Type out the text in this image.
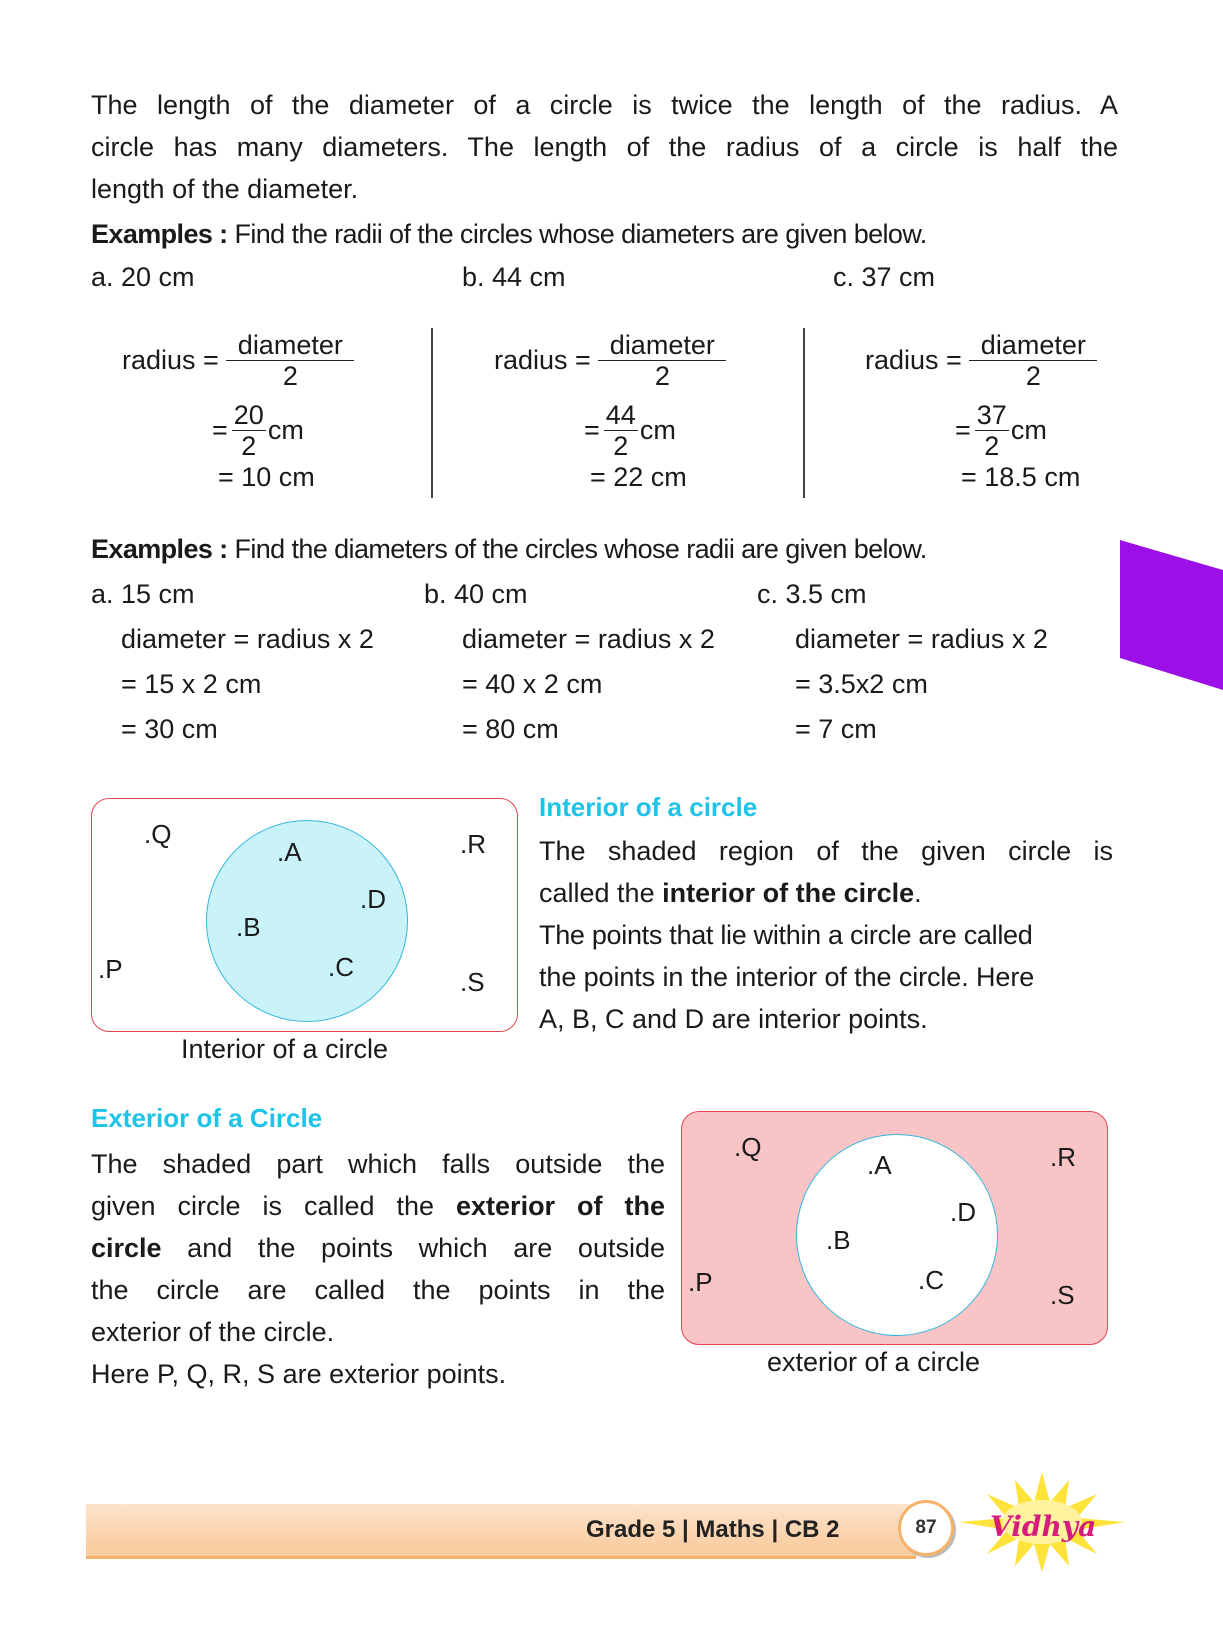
The length of the diameter of a circle is twice the length of the radius. A
circle has many diameters. The length of the radius of a circle is half the
length of the diameter.
Examples : Find the radii of the circles whose diameters are given below.
a. 20 cm	b. 44 cm	c. 37 cm
radius = $\frac{\text{diameter}}{2}$
= $\frac{20}{2}$ cm
= 10 cm
radius = $\frac{\text{diameter}}{2}$
= $\frac{44}{2}$ cm
= 22 cm
radius = $\frac{\text{diameter}}{2}$
= $\frac{37}{2}$ cm
= 18.5 cm
Examples : Find the diameters of the circles whose radii are given below.
a. 15 cm
diameter = radius x 2
= 15 x 2 cm
= 30 cm
b. 40 cm
diameter = radius x 2
= 40 x 2 cm
= 80 cm
c. 3.5 cm
diameter = radius x 2
= 3.5x2 cm
= 7 cm
.Q
.A	.R
.D
.B
.P	.C	.S
Interior of a circle
Interior of a circle
The shaded region of the given circle is
called the interior of the circle.
The points that lie within a circle are called
the points in the interior of the circle. Here
A, B, C and D are interior points.
Exterior of a Circle
The shaded part which falls outside the
given circle is called the exterior of the
circle and the points which are outside
the circle are called the points in the
exterior of the circle.
Here P, Q, R, S are exterior points.
.Q
.A	.R
.D
.B
.P	.C	.S
exterior of a circle
Grade 5 | Maths | CB 2	87 Vidhya
